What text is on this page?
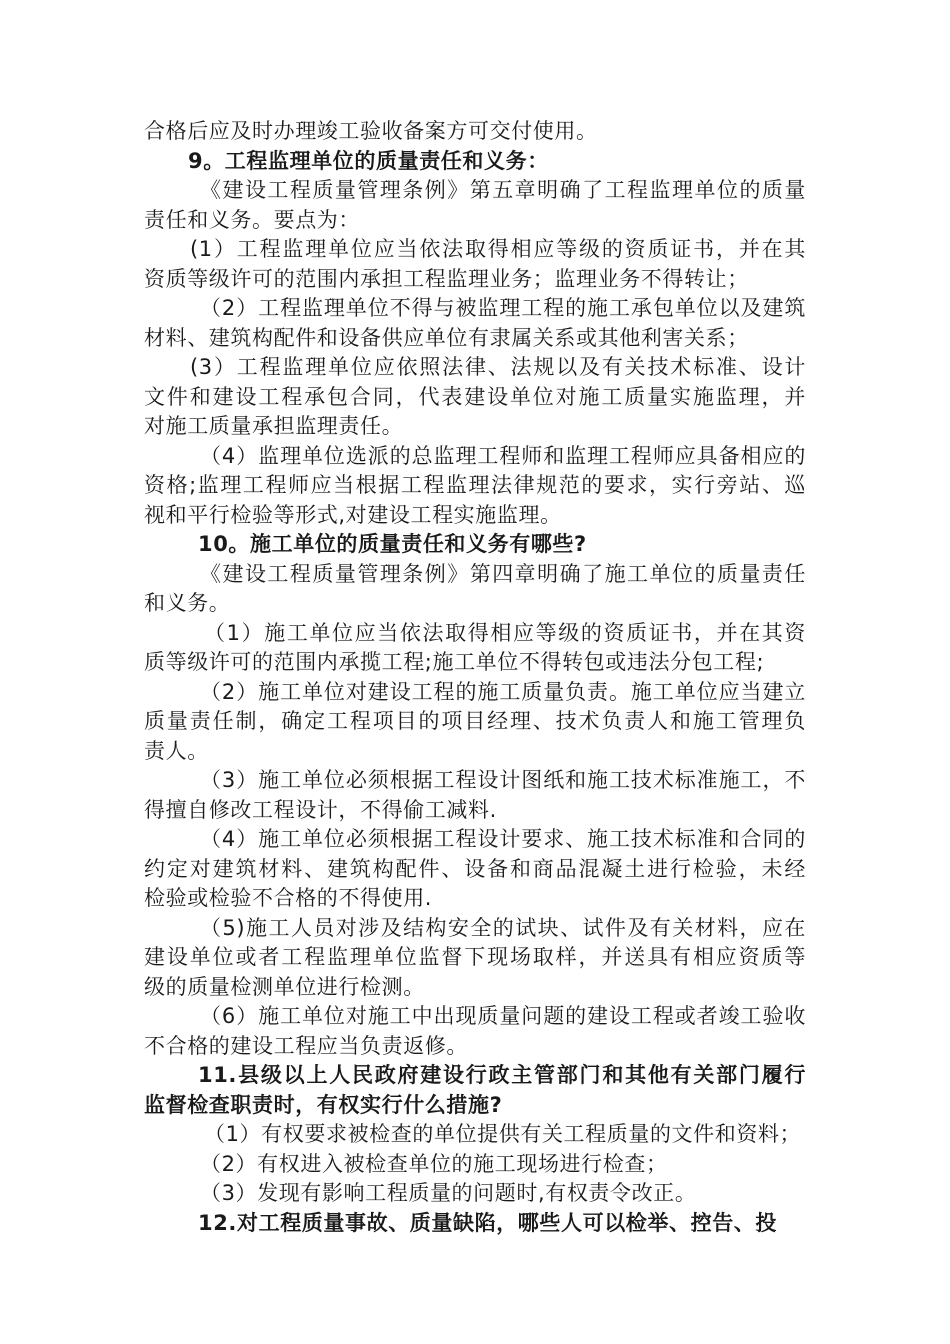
合格后应及时办理竣工验收备案方可交付使用。

9。工程监理单位的质量责任和义务：

《建设工程质量管理条例》第五章明确了工程监理单位的质量

责任和义务。要点为：

(1）工程监理单位应当依法取得相应等级的资质证书，并在其

资质等级许可的范围内承担工程监理业务；监理业务不得转让；

（2）工程监理单位不得与被监理工程的施工承包单位以及建筑

材料、建筑构配件和设备供应单位有隶属关系或其他利害关系；

(3）工程监理单位应依照法律、法规以及有关技术标准、设计

文件和建设工程承包合同，代表建设单位对施工质量实施监理，并

对施工质量承担监理责任。

（4）监理单位选派的总监理工程师和监理工程师应具备相应的

资格;监理工程师应当根据工程监理法律规范的要求，实行旁站、巡

视和平行检验等形式,对建设工程实施监理。

10。施工单位的质量责任和义务有哪些?

《建设工程质量管理条例》第四章明确了施工单位的质量责任

和义务。

（1）施工单位应当依法取得相应等级的资质证书，并在其资

质等级许可的范围内承揽工程;施工单位不得转包或违法分包工程;

（2）施工单位对建设工程的施工质量负责。施工单位应当建立

质量责任制，确定工程项目的项目经理、技术负责人和施工管理负

责人。

（3）施工单位必须根据工程设计图纸和施工技术标准施工，不

得擅自修改工程设计，不得偷工减料.

（4）施工单位必须根据工程设计要求、施工技术标准和合同的

约定对建筑材料、建筑构配件、设备和商品混凝土进行检验，未经

检验或检验不合格的不得使用.

（5)施工人员对涉及结构安全的试块、试件及有关材料，应在

建设单位或者工程监理单位监督下现场取样，并送具有相应资质等

级的质量检测单位进行检测。

（6）施工单位对施工中出现质量问题的建设工程或者竣工验收

不合格的建设工程应当负责返修。

11.县级以上人民政府建设行政主管部门和其他有关部门履行

监督检查职责时，有权实行什么措施?

（1）有权要求被检查的单位提供有关工程质量的文件和资料；

（2）有权进入被检查单位的施工现场进行检查；

（3）发现有影响工程质量的问题时,有权责令改正。

12.对工程质量事故、质量缺陷，哪些人可以检举、控告、投
